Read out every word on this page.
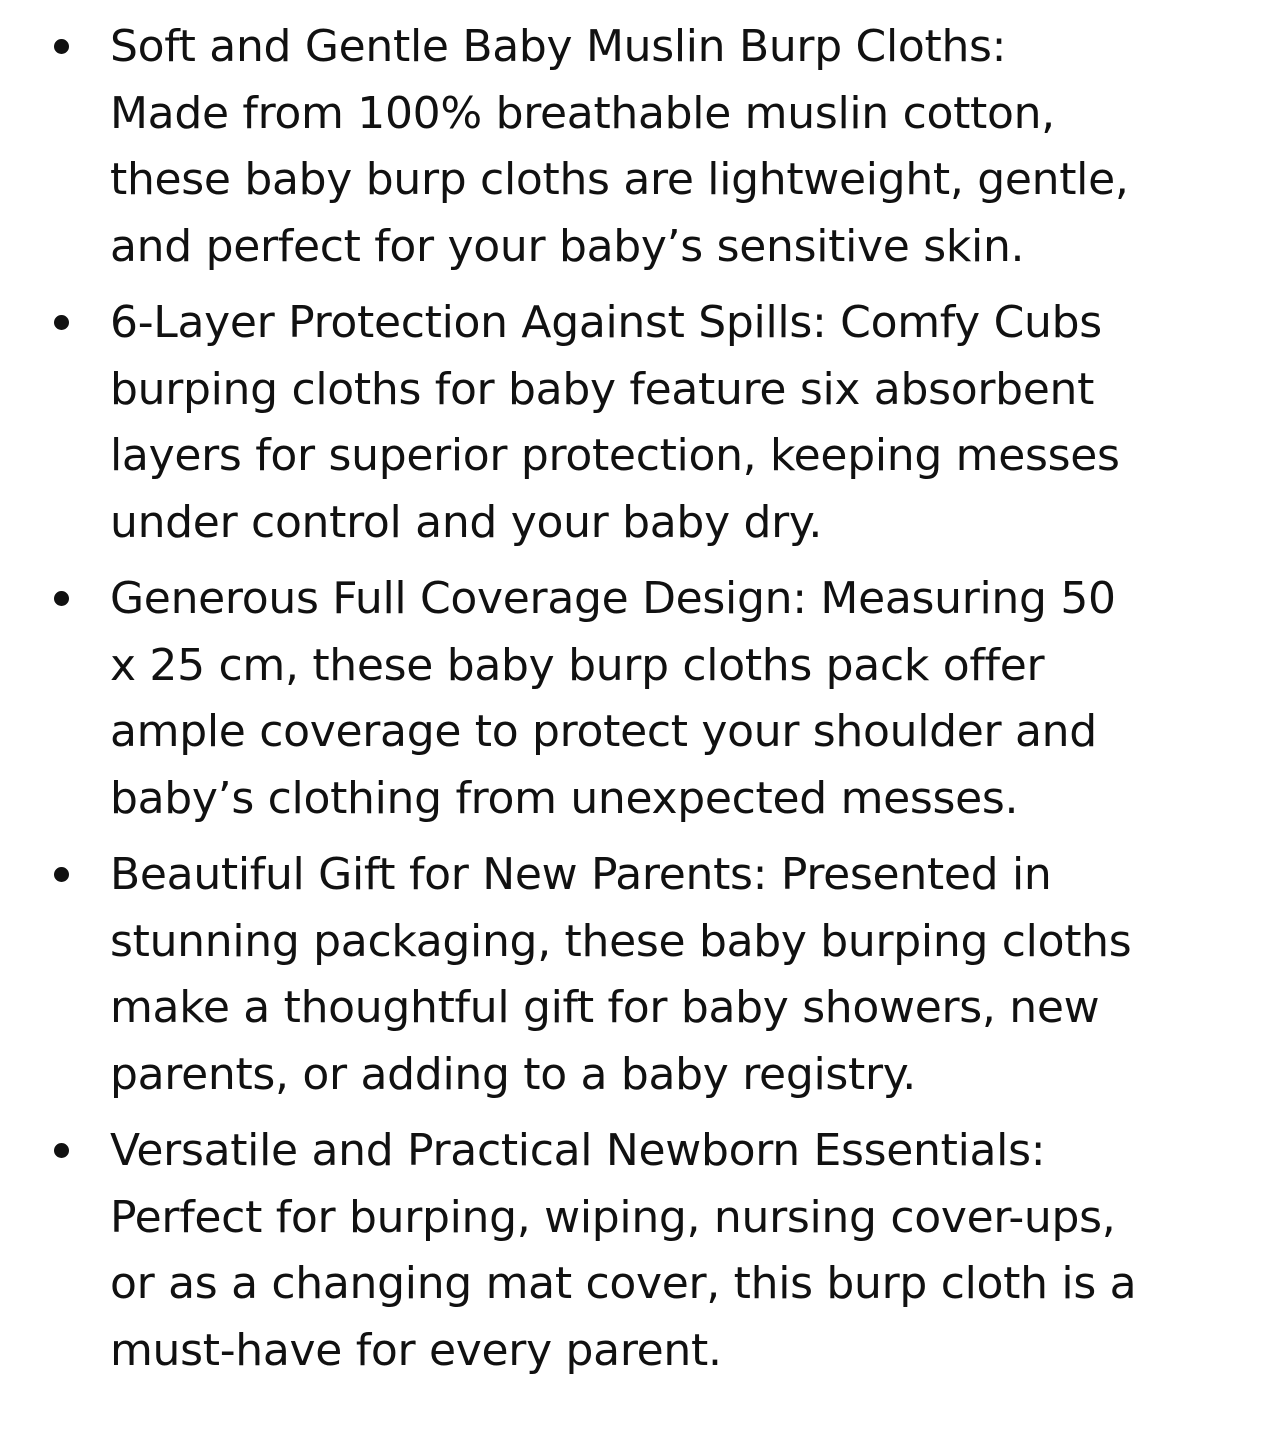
Soft and Gentle Baby Muslin Burp Cloths:
Made from 100% breathable muslin cotton,
these baby burp cloths are lightweight, gentle,
and perfect for your baby’s sensitive skin.
6-Layer Protection Against Spills: Comfy Cubs
burping cloths for baby feature six absorbent
layers for superior protection, keeping messes
under control and your baby dry.
Generous Full Coverage Design: Measuring 50
x 25 cm, these baby burp cloths pack offer
ample coverage to protect your shoulder and
baby’s clothing from unexpected messes.
Beautiful Gift for New Parents: Presented in
stunning packaging, these baby burping cloths
make a thoughtful gift for baby showers, new
parents, or adding to a baby registry.
Versatile and Practical Newborn Essentials:
Perfect for burping, wiping, nursing cover-ups,
or as a changing mat cover, this burp cloth is a
must-have for every parent.
